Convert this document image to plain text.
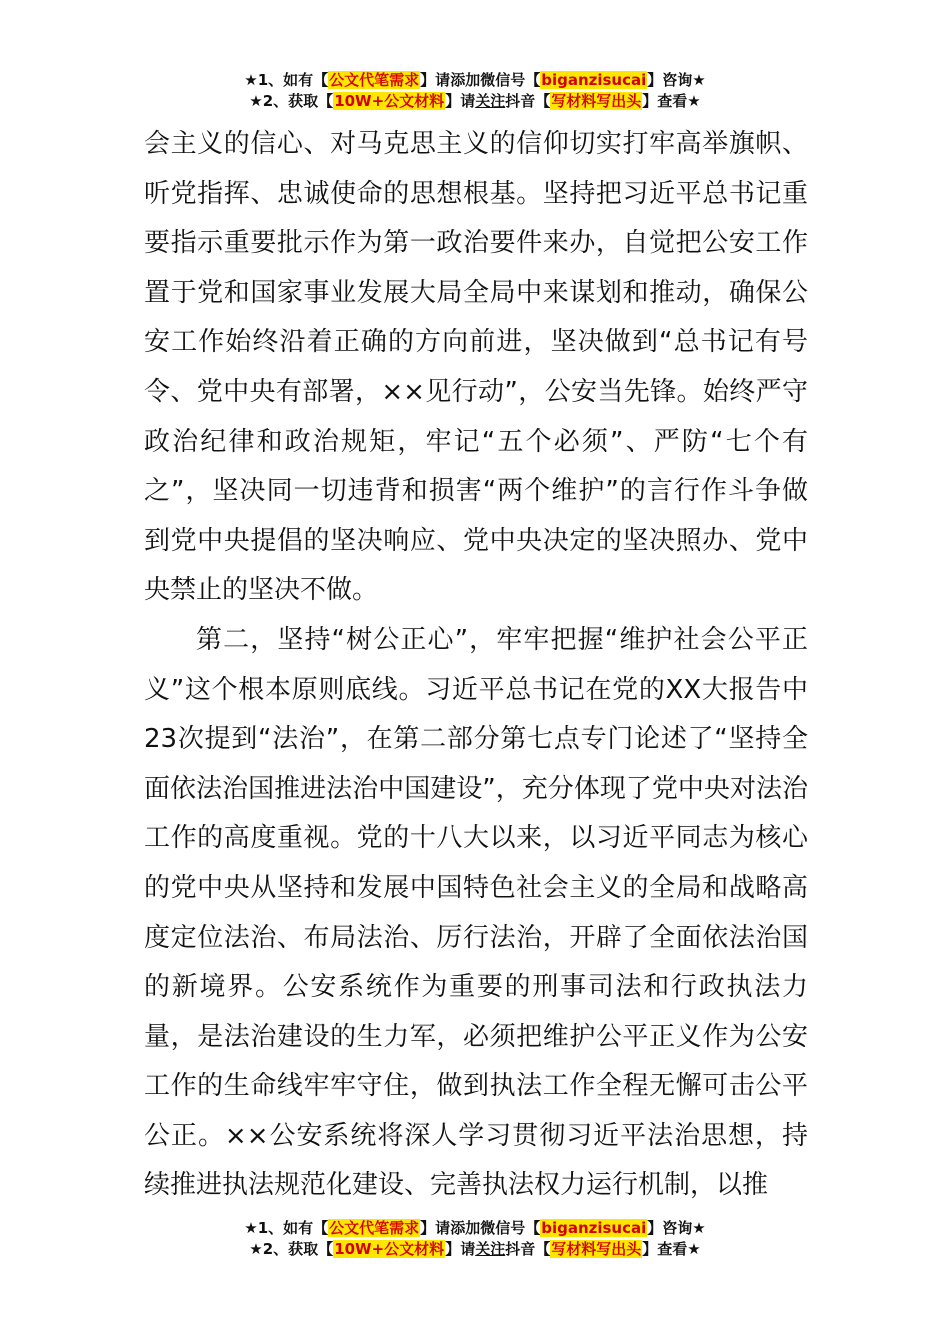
★1、如有【公文代笔需求】请添加微信号【biganzisucai】咨询★
★2、获取【10W+公文材料】请关注抖音【写材料写出头】查看★

会主义的信心、对马克思主义的信仰切实打牢高举旗帜、听党指挥、忠诚使命的思想根基。坚持把习近平总书记重要指示重要批示作为第一政治要件来办，自觉把公安工作置于党和国家事业发展大局全局中来谋划和推动，确保公安工作始终沿着正确的方向前进，坚决做到“总书记有号令、党中央有部署，××见行动”，公安当先锋。始终严守政治纪律和政治规矩，牢记“五个必须”、严防“七个有之”，坚决同一切违背和损害“两个维护”的言行作斗争做到党中央提倡的坚决响应、党中央决定的坚决照办、党中央禁止的坚决不做。

第二，坚持“树公正心”，牢牢把握“维护社会公平正义”这个根本原则底线。习近平总书记在党的XX大报告中23次提到“法治”，在第二部分第七点专门论述了“坚持全面依法治国推进法治中国建设”，充分体现了党中央对法治工作的高度重视。党的十八大以来，以习近平同志为核心的党中央从坚持和发展中国特色社会主义的全局和战略高度定位法治、布局法治、厉行法治，开辟了全面依法治国的新境界。公安系统作为重要的刑事司法和行政执法力量，是法治建设的生力军，必须把维护公平正义作为公安工作的生命线牢牢守住，做到执法工作全程无懈可击公平公正。××公安系统将深人学习贯彻习近平法治思想，持续推进执法规范化建设、完善执法权力运行机制，以推

★1、如有【公文代笔需求】请添加微信号【biganzisucai】咨询★
★2、获取【10W+公文材料】请关注抖音【写材料写出头】查看★
